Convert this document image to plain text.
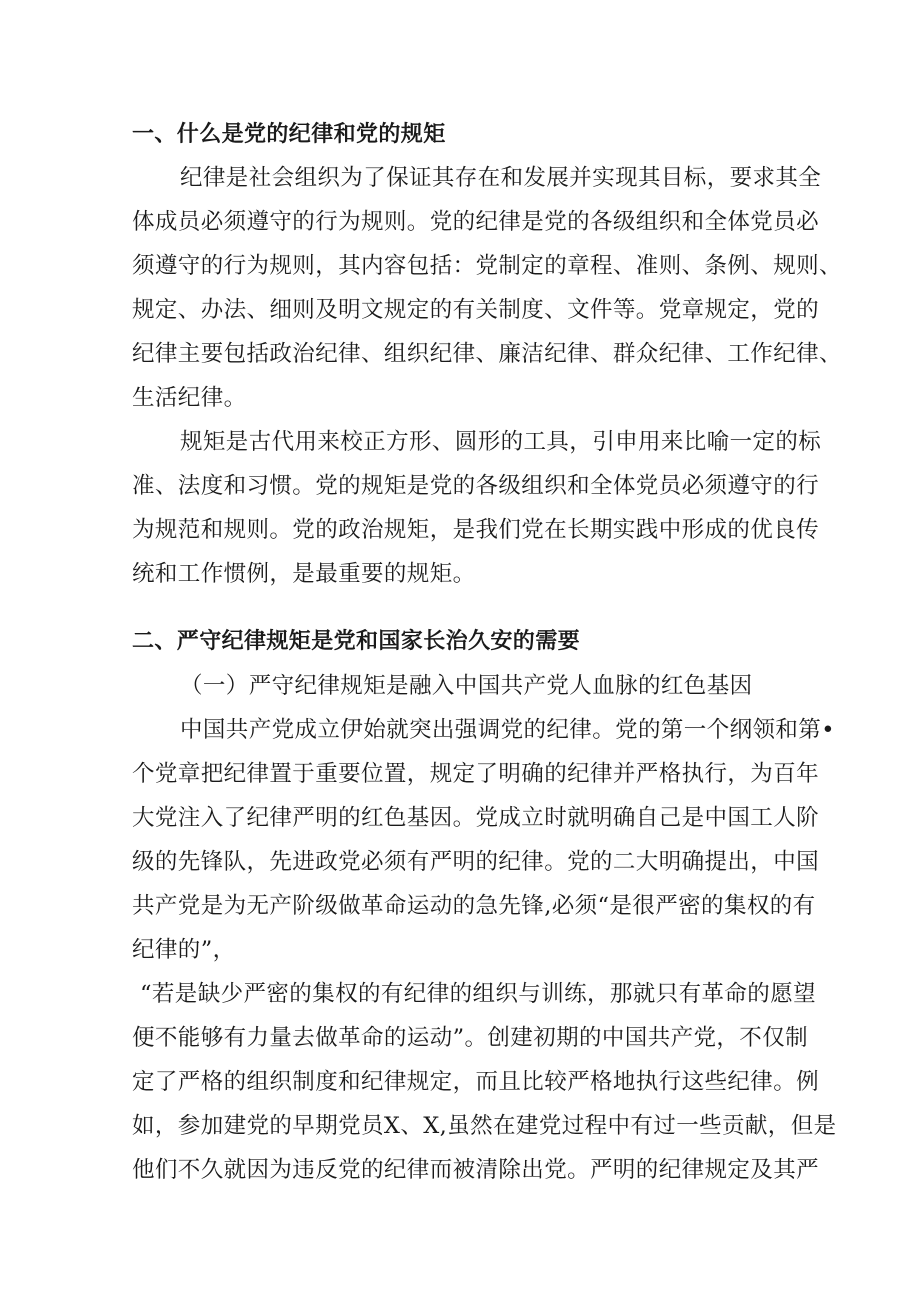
一、什么是党的纪律和党的规矩
纪律是社会组织为了保证其存在和发展并实现其目标，要求其全
体成员必须遵守的行为规则。党的纪律是党的各级组织和全体党员必
须遵守的行为规则，其内容包括：党制定的章程、准则、条例、规则、
规定、办法、细则及明文规定的有关制度、文件等。党章规定，党的
纪律主要包括政治纪律、组织纪律、廉洁纪律、群众纪律、工作纪律、
生活纪律。
规矩是古代用来校正方形、圆形的工具，引申用来比喻一定的标
准、法度和习惯。党的规矩是党的各级组织和全体党员必须遵守的行
为规范和规则。党的政治规矩，是我们党在长期实践中形成的优良传
统和工作惯例，是最重要的规矩。
二、严守纪律规矩是党和国家长治久安的需要
（一）严守纪律规矩是融入中国共产党人血脉的红色基因
中国共产党成立伊始就突出强调党的纪律。党的第一个纲领和第•
个党章把纪律置于重要位置，规定了明确的纪律并严格执行，为百年
大党注入了纪律严明的红色基因。党成立时就明确自己是中国工人阶
级的先锋队，先进政党必须有严明的纪律。党的二大明确提出，中国
共产党是为无产阶级做革命运动的急先锋,必须“是很严密的集权的有
纪律的”，
“若是缺少严密的集权的有纪律的组织与训练，那就只有革命的愿望
便不能够有力量去做革命的运动”。创建初期的中国共产党，不仅制
定了严格的组织制度和纪律规定，而且比较严格地执行这些纪律。例
如，参加建党的早期党员X、X,虽然在建党过程中有过一些贡献，但是
他们不久就因为违反党的纪律而被清除出党。严明的纪律规定及其严
